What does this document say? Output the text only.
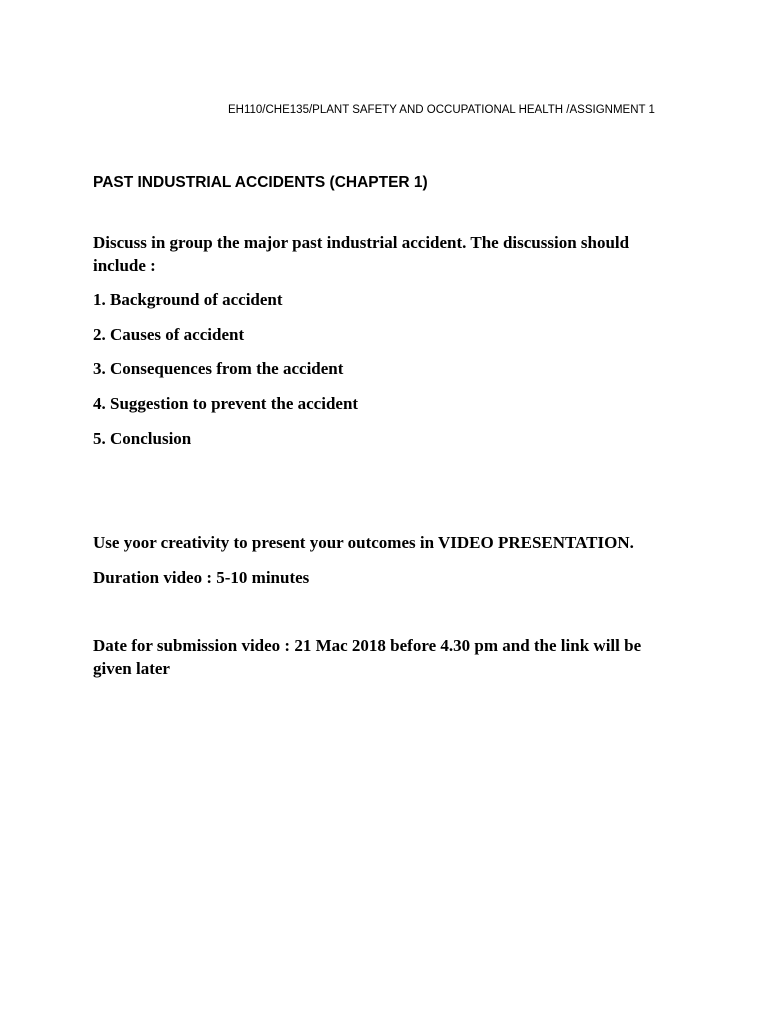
EH110/CHE135/PLANT SAFETY AND OCCUPATIONAL HEALTH /ASSIGNMENT 1
PAST INDUSTRIAL ACCIDENTS (CHAPTER 1)
Discuss in group the major past industrial accident. The discussion should include :
1. Background of accident
2. Causes of accident
3. Consequences from the accident
4. Suggestion to prevent the accident
5. Conclusion
Use yoor creativity to present your outcomes in VIDEO PRESENTATION.
Duration video : 5-10 minutes
Date for submission video : 21 Mac 2018 before 4.30 pm and the link will be given later
